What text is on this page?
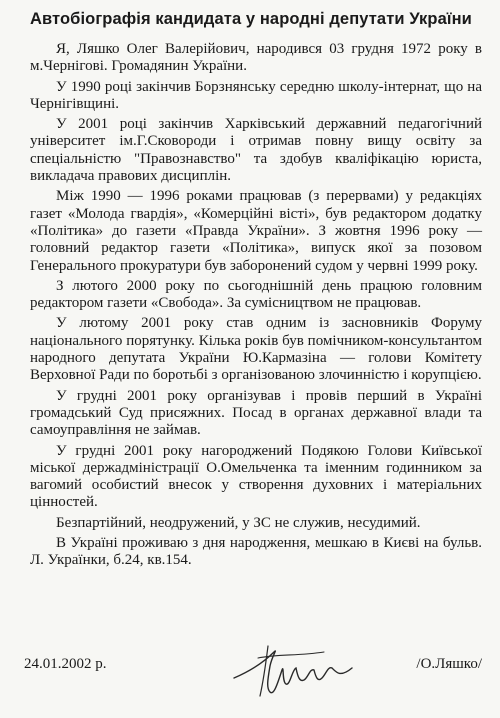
Автобіографія кандидата у народні депутати України

Я, Ляшко Олег Валерійович, народився 03 грудня 1972 року в м.Чернігові. Громадянин України.

У 1990 році закінчив Борзнянську середню школу-інтернат, що на Чернігівщині.

У 2001 році закінчив Харківський державний педагогічний університет ім.Г.Сковороди і отримав повну вищу освіту за спеціальністю "Правознавство" та здобув кваліфікацію юриста, викладача правових дисциплін.

Між 1990 — 1996 роками працював (з перервами) у редакціях газет «Молода гвардія», «Комерційні вісті», був редактором додатку «Політика» до газети «Правда України». З жовтня 1996 року — головний редактор газети «Політика», випуск якої за позовом Генерального прокуратури був заборонений судом у червні 1999 року.

З лютого 2000 року по сьогоднішній день працюю головним редактором газети «Свобода». За сумісництвом не працював.

У лютому 2001 року став одним із засновників Форуму національного порятунку. Кілька років був помічником-консультантом народного депутата України Ю.Кармазіна — голови Комітету Верховної Ради по боротьбі з організованою злочинністю і корупцією.

У грудні 2001 року організував і провів перший в Україні громадський Суд присяжних. Посад в органах державної влади та самоуправління не займав.

У грудні 2001 року нагороджений Подякою Голови Київської міської держадміністрації О.Омельченка та іменним годинником за вагомий особистий внесок у створення духовних і матеріальних цінностей.

Безпартійний, неодружений, у ЗС не служив, несудимий.

В Україні проживаю з дня народження, мешкаю в Києві на бульв. Л. Українки, б.24, кв.154.

24.01.2002 р.	/О.Ляшко/
